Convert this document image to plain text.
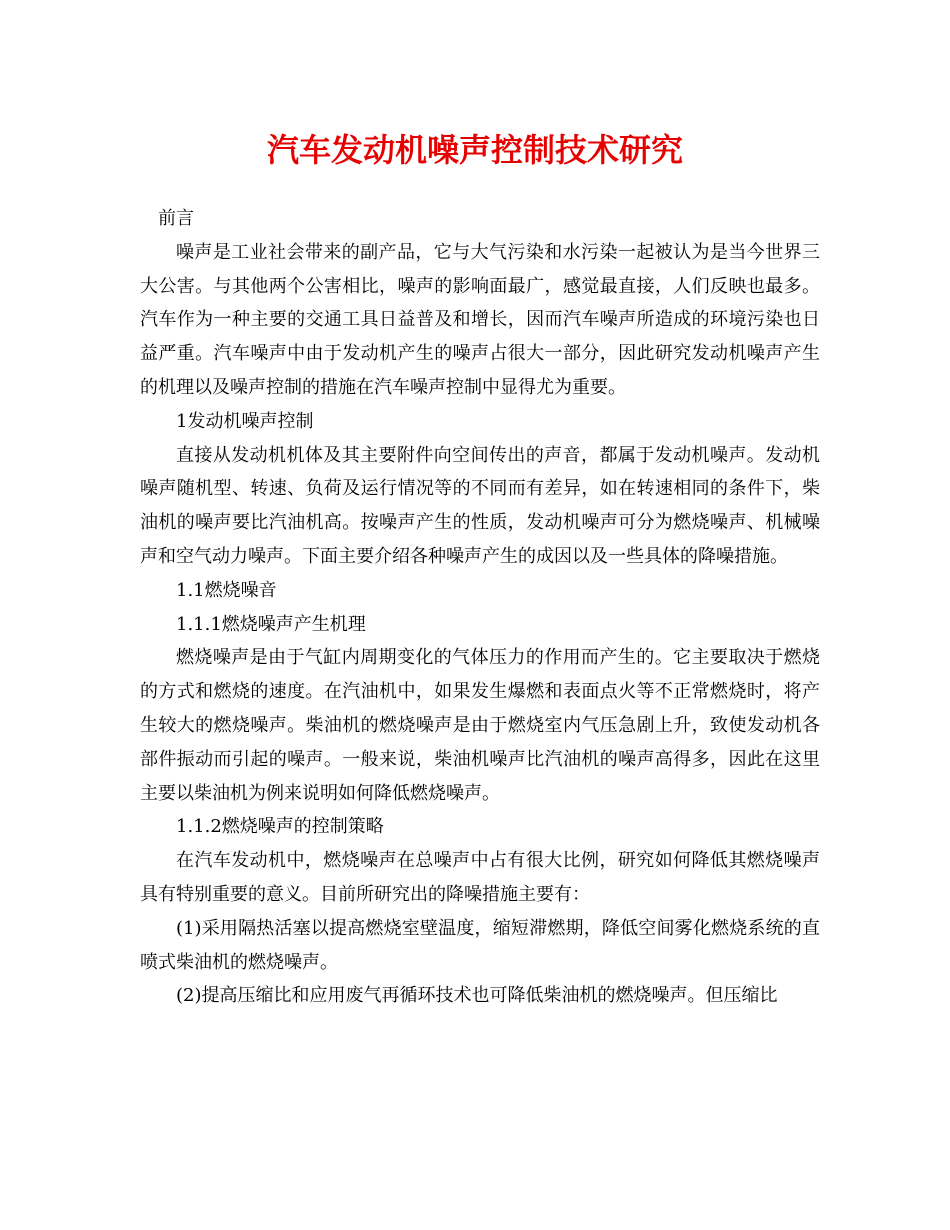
汽车发动机噪声控制技术研究

前言

噪声是工业社会带来的副产品，它与大气污染和水污染一起被认为是当今世界三大公害。与其他两个公害相比，噪声的影响面最广，感觉最直接，人们反映也最多。汽车作为一种主要的交通工具日益普及和增长，因而汽车噪声所造成的环境污染也日益严重。汽车噪声中由于发动机产生的噪声占很大一部分，因此研究发动机噪声产生的机理以及噪声控制的措施在汽车噪声控制中显得尤为重要。

1发动机噪声控制

直接从发动机机体及其主要附件向空间传出的声音，都属于发动机噪声。发动机噪声随机型、转速、负荷及运行情况等的不同而有差异，如在转速相同的条件下，柴油机的噪声要比汽油机高。按噪声产生的性质，发动机噪声可分为燃烧噪声、机械噪声和空气动力噪声。下面主要介绍各种噪声产生的成因以及一些具体的降噪措施。

1.1燃烧噪音

1.1.1燃烧噪声产生机理

燃烧噪声是由于气缸内周期变化的气体压力的作用而产生的。它主要取决于燃烧的方式和燃烧的速度。在汽油机中，如果发生爆燃和表面点火等不正常燃烧时，将产生较大的燃烧噪声。柴油机的燃烧噪声是由于燃烧室内气压急剧上升，致使发动机各部件振动而引起的噪声。一般来说，柴油机噪声比汽油机的噪声高得多，因此在这里主要以柴油机为例来说明如何降低燃烧噪声。

1.1.2燃烧噪声的控制策略

在汽车发动机中，燃烧噪声在总噪声中占有很大比例，研究如何降低其燃烧噪声具有特别重要的意义。目前所研究出的降噪措施主要有：

(1)采用隔热活塞以提高燃烧室壁温度，缩短滞燃期，降低空间雾化燃烧系统的直喷式柴油机的燃烧噪声。

(2)提高压缩比和应用废气再循环技术也可降低柴油机的燃烧噪声。但压缩比
